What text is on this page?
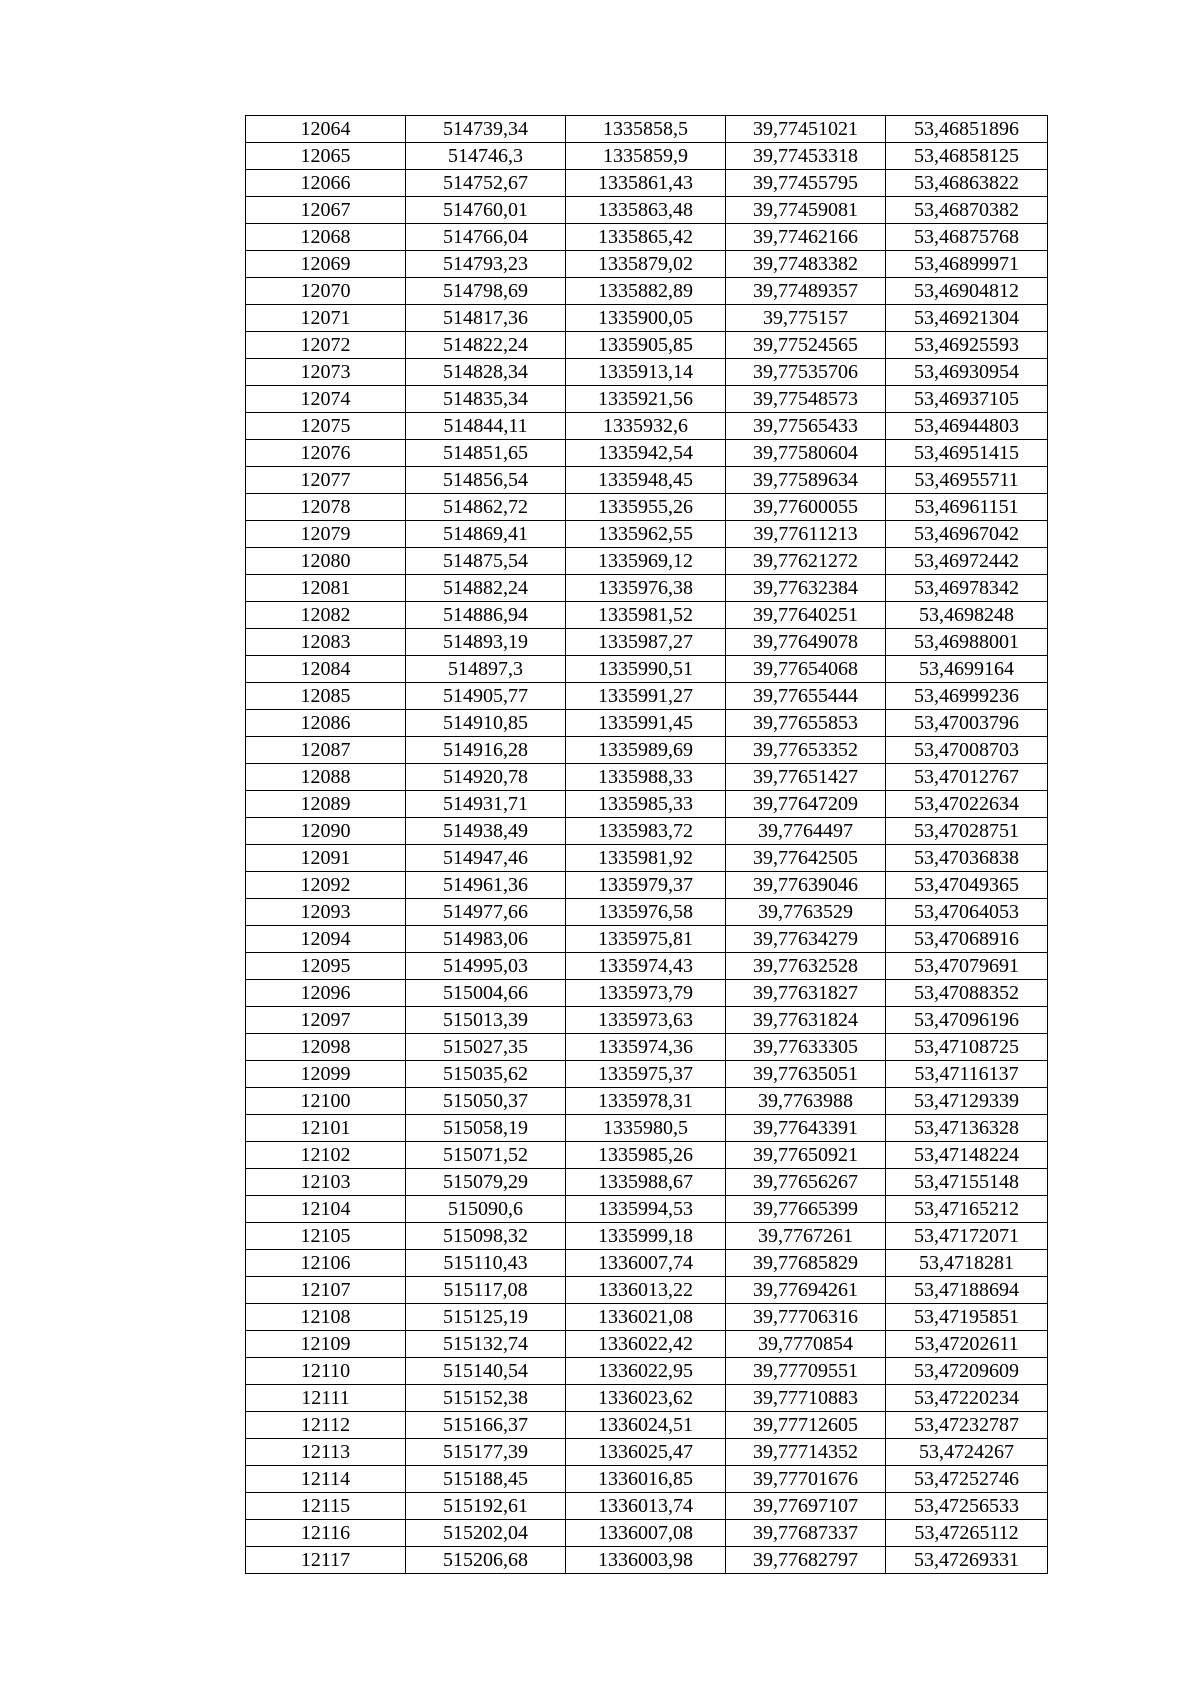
12064	514739,34	1335858,5	39,77451021	53,46851896
12065	514746,3	1335859,9	39,77453318	53,46858125
12066	514752,67	1335861,43	39,77455795	53,46863822
12067	514760,01	1335863,48	39,77459081	53,46870382
12068	514766,04	1335865,42	39,77462166	53,46875768
12069	514793,23	1335879,02	39,77483382	53,46899971
12070	514798,69	1335882,89	39,77489357	53,46904812
12071	514817,36	1335900,05	39,775157	53,46921304
12072	514822,24	1335905,85	39,77524565	53,46925593
12073	514828,34	1335913,14	39,77535706	53,46930954
12074	514835,34	1335921,56	39,77548573	53,46937105
12075	514844,11	1335932,6	39,77565433	53,46944803
12076	514851,65	1335942,54	39,77580604	53,46951415
12077	514856,54	1335948,45	39,77589634	53,46955711
12078	514862,72	1335955,26	39,77600055	53,46961151
12079	514869,41	1335962,55	39,77611213	53,46967042
12080	514875,54	1335969,12	39,77621272	53,46972442
12081	514882,24	1335976,38	39,77632384	53,46978342
12082	514886,94	1335981,52	39,77640251	53,4698248
12083	514893,19	1335987,27	39,77649078	53,46988001
12084	514897,3	1335990,51	39,77654068	53,4699164
12085	514905,77	1335991,27	39,77655444	53,46999236
12086	514910,85	1335991,45	39,77655853	53,47003796
12087	514916,28	1335989,69	39,77653352	53,47008703
12088	514920,78	1335988,33	39,77651427	53,47012767
12089	514931,71	1335985,33	39,77647209	53,47022634
12090	514938,49	1335983,72	39,7764497	53,47028751
12091	514947,46	1335981,92	39,77642505	53,47036838
12092	514961,36	1335979,37	39,77639046	53,47049365
12093	514977,66	1335976,58	39,7763529	53,47064053
12094	514983,06	1335975,81	39,77634279	53,47068916
12095	514995,03	1335974,43	39,77632528	53,47079691
12096	515004,66	1335973,79	39,77631827	53,47088352
12097	515013,39	1335973,63	39,77631824	53,47096196
12098	515027,35	1335974,36	39,77633305	53,47108725
12099	515035,62	1335975,37	39,77635051	53,47116137
12100	515050,37	1335978,31	39,7763988	53,47129339
12101	515058,19	1335980,5	39,77643391	53,47136328
12102	515071,52	1335985,26	39,77650921	53,47148224
12103	515079,29	1335988,67	39,77656267	53,47155148
12104	515090,6	1335994,53	39,77665399	53,47165212
12105	515098,32	1335999,18	39,7767261	53,47172071
12106	515110,43	1336007,74	39,77685829	53,4718281
12107	515117,08	1336013,22	39,77694261	53,47188694
12108	515125,19	1336021,08	39,77706316	53,47195851
12109	515132,74	1336022,42	39,7770854	53,47202611
12110	515140,54	1336022,95	39,77709551	53,47209609
12111	515152,38	1336023,62	39,77710883	53,47220234
12112	515166,37	1336024,51	39,77712605	53,47232787
12113	515177,39	1336025,47	39,77714352	53,4724267
12114	515188,45	1336016,85	39,77701676	53,47252746
12115	515192,61	1336013,74	39,77697107	53,47256533
12116	515202,04	1336007,08	39,77687337	53,47265112
12117	515206,68	1336003,98	39,77682797	53,47269331
